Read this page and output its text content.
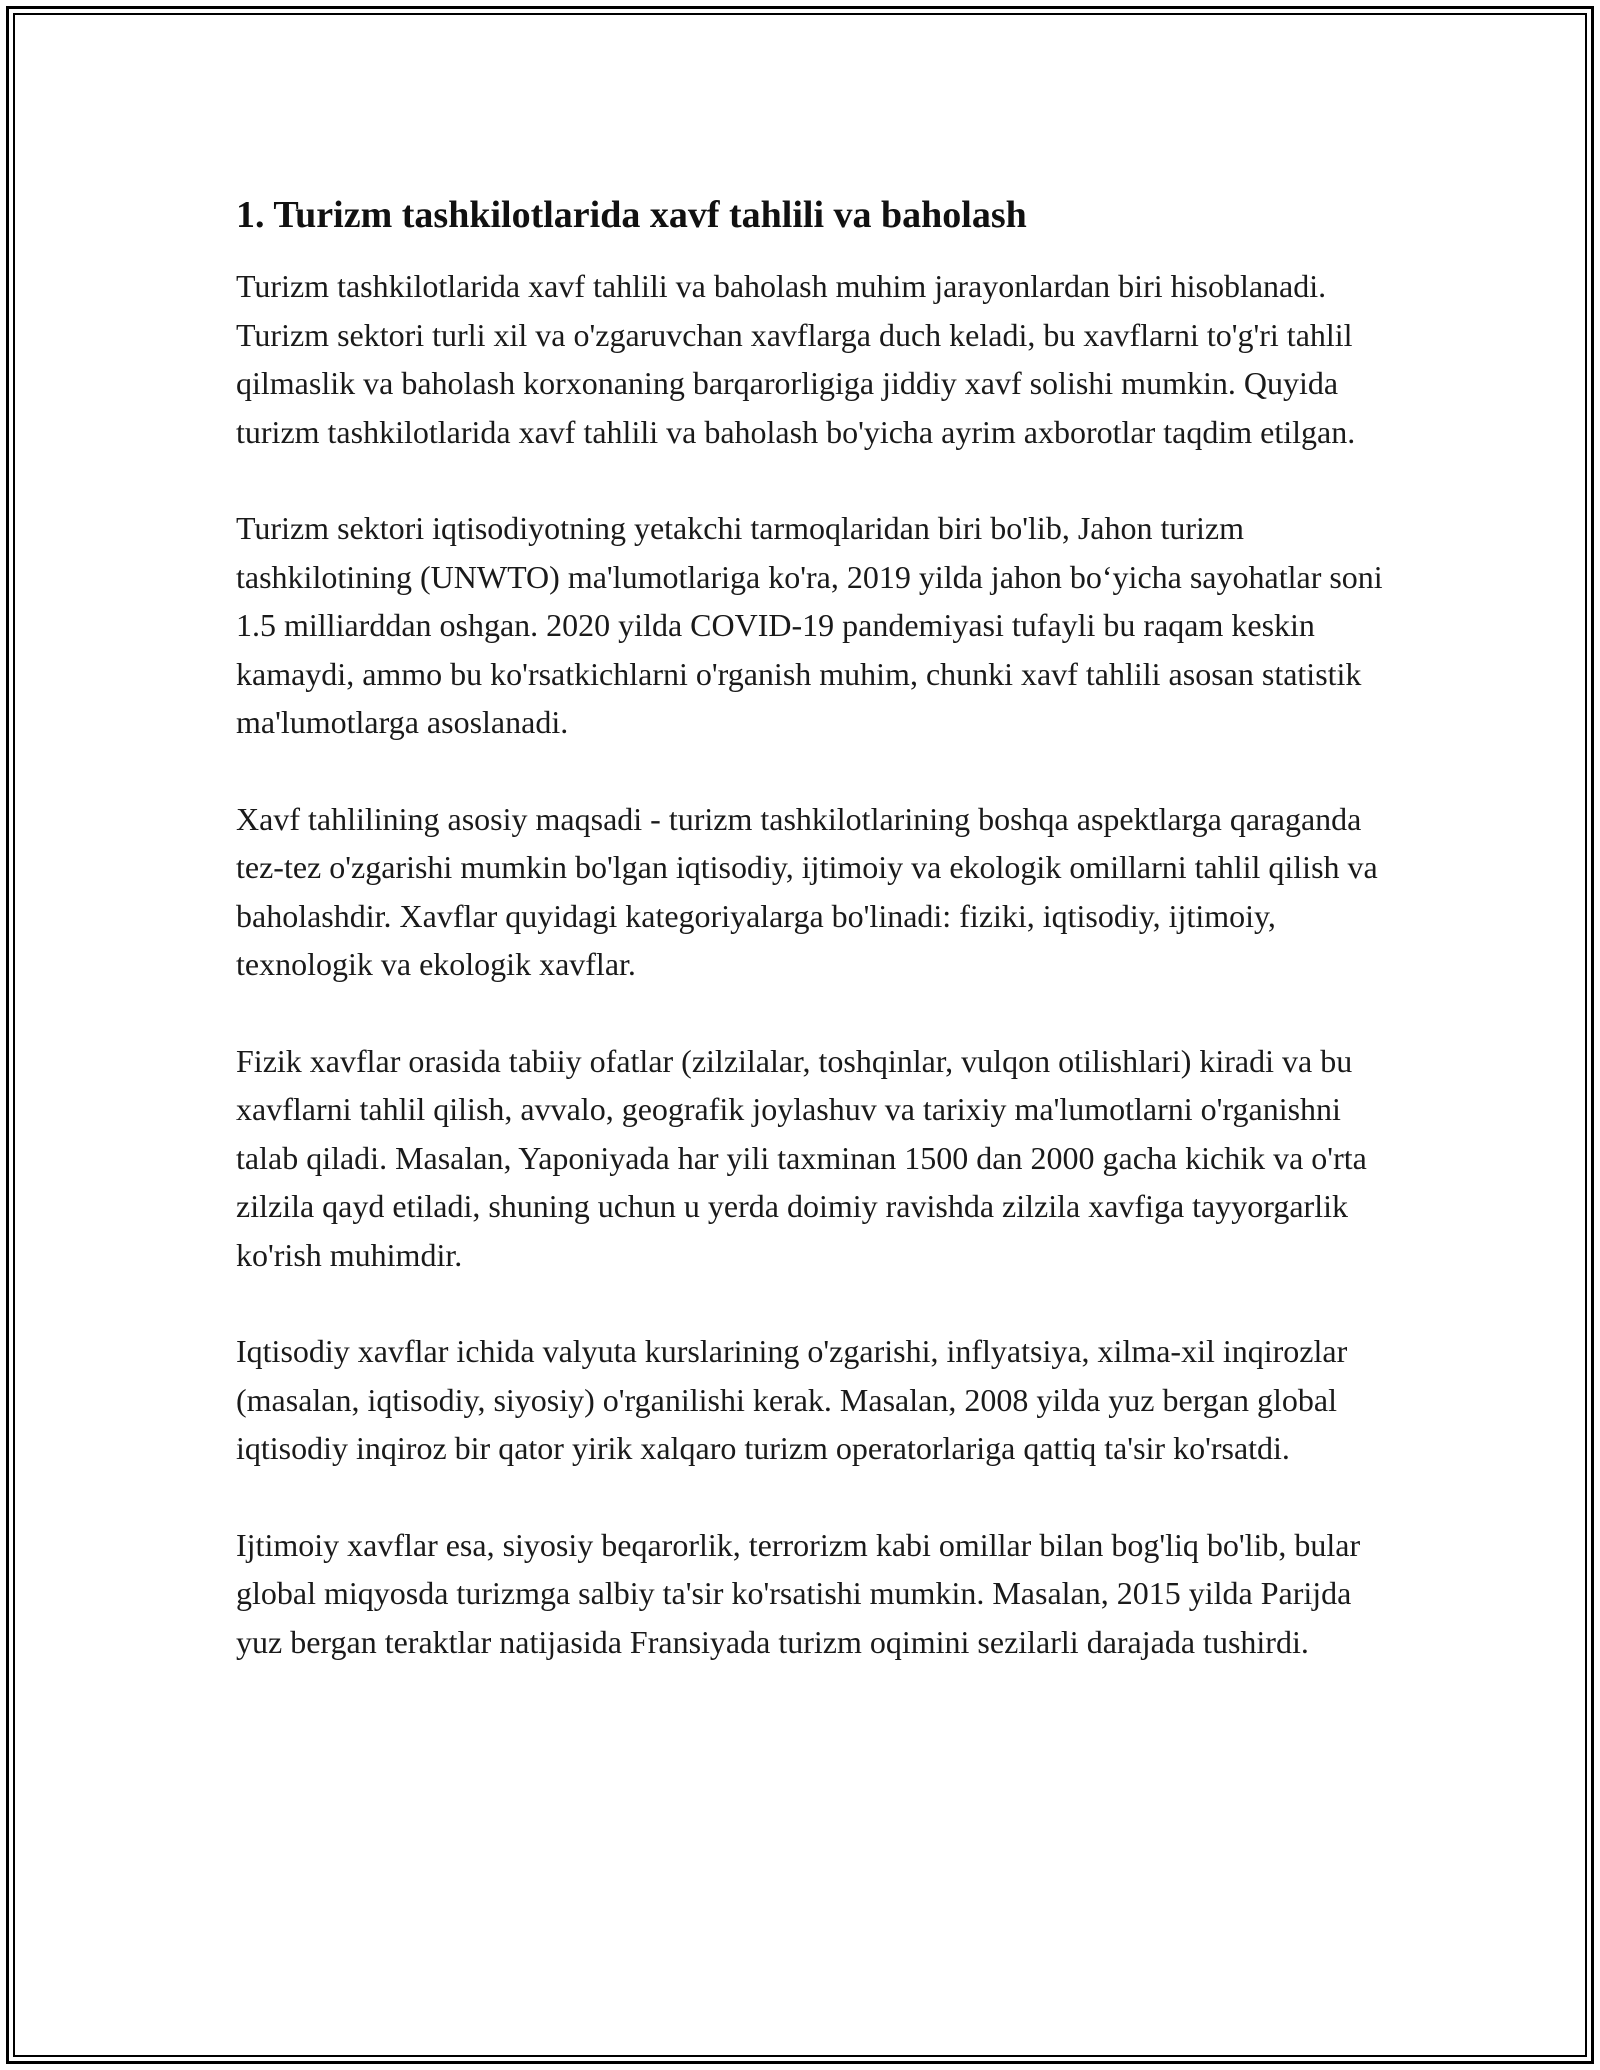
1. Turizm tashkilotlarida xavf tahlili va baholash

Turizm tashkilotlarida xavf tahlili va baholash muhim jarayonlardan biri hisoblanadi. Turizm sektori turli xil va o'zgaruvchan xavflarga duch keladi, bu xavflarni to'g'ri tahlil qilmaslik va baholash korxonaning barqarorligiga jiddiy xavf solishi mumkin. Quyida turizm tashkilotlarida xavf tahlili va baholash bo'yicha ayrim axborotlar taqdim etilgan.

Turizm sektori iqtisodiyotning yetakchi tarmoqlaridan biri bo'lib, Jahon turizm tashkilotining (UNWTO) ma'lumotlariga ko'ra, 2019 yilda jahon bo‘yicha sayohatlar soni 1.5 milliarddan oshgan. 2020 yilda COVID-19 pandemiyasi tufayli bu raqam keskin kamaydi, ammo bu ko'rsatkichlarni o'rganish muhim, chunki xavf tahlili asosan statistik ma'lumotlarga asoslanadi.

Xavf tahlilining asosiy maqsadi - turizm tashkilotlarining boshqa aspektlarga qaraganda tez-tez o'zgarishi mumkin bo'lgan iqtisodiy, ijtimoiy va ekologik omillarni tahlil qilish va baholashdir. Xavflar quyidagi kategoriyalarga bo'linadi: fiziki, iqtisodiy, ijtimoiy, texnologik va ekologik xavflar.

Fizik xavflar orasida tabiiy ofatlar (zilzilalar, toshqinlar, vulqon otilishlari) kiradi va bu xavflarni tahlil qilish, avvalo, geografik joylashuv va tarixiy ma'lumotlarni o'rganishni talab qiladi. Masalan, Yaponiyada har yili taxminan 1500 dan 2000 gacha kichik va o'rta zilzila qayd etiladi, shuning uchun u yerda doimiy ravishda zilzila xavfiga tayyorgarlik ko'rish muhimdir.

Iqtisodiy xavflar ichida valyuta kurslarining o'zgarishi, inflyatsiya, xilma-xil inqirozlar (masalan, iqtisodiy, siyosiy) o'rganilishi kerak. Masalan, 2008 yilda yuz bergan global iqtisodiy inqiroz bir qator yirik xalqaro turizm operatorlariga qattiq ta'sir ko'rsatdi.

Ijtimoiy xavflar esa, siyosiy beqarorlik, terrorizm kabi omillar bilan bog'liq bo'lib, bular global miqyosda turizmga salbiy ta'sir ko'rsatishi mumkin. Masalan, 2015 yilda Parijda yuz bergan teraktlar natijasida Fransiyada turizm oqimini sezilarli darajada tushirdi.
